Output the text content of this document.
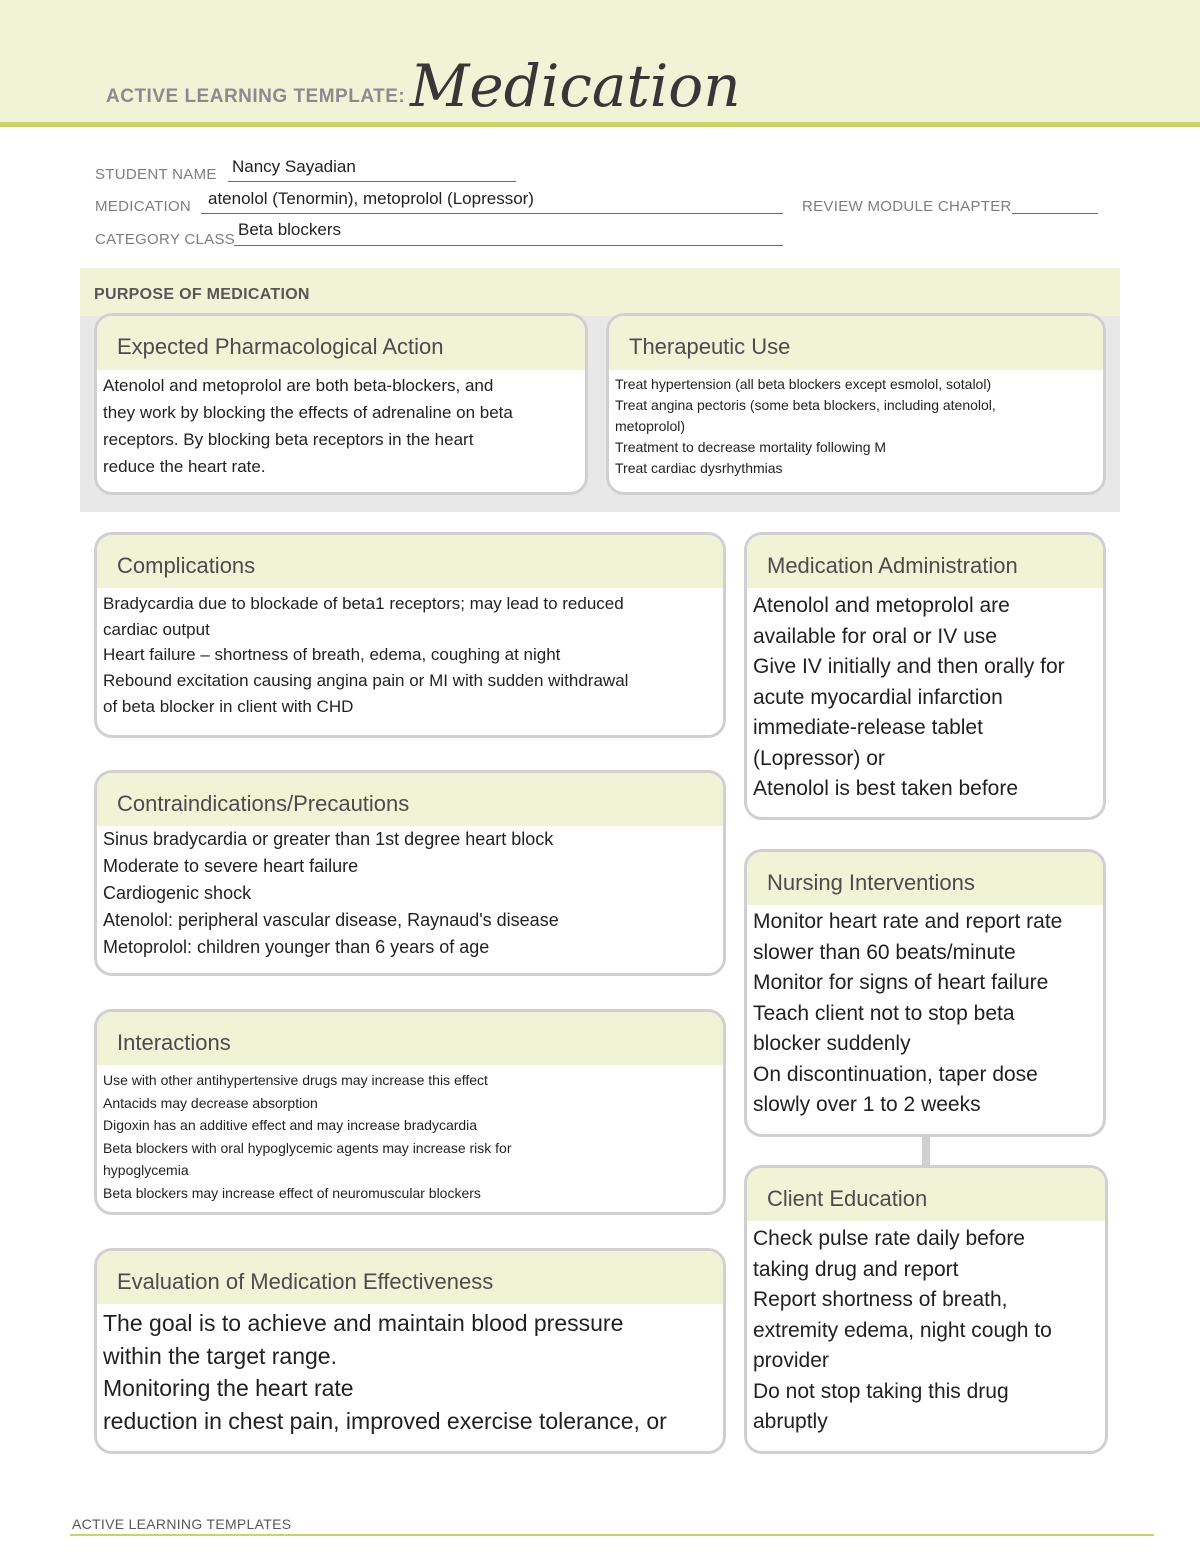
ACTIVE LEARNING TEMPLATE: Medication
STUDENT NAME Nancy Sayadian
MEDICATION atenolol (Tenormin), metoprolol (Lopressor)	REVIEW MODULE CHAPTER
CATEGORY CLASS
Beta blockers
PURPOSE OF MEDICATION
Expected Pharmacological Action
Atenolol and metoprolol are both beta-blockers, and
they work by blocking the effects of adrenaline on beta
receptors. By blocking beta receptors in the heart
reduce the heart rate.
Therapeutic Use
Treat hypertension (all beta blockers except esmolol, sotalol)
Treat angina pectoris (some beta blockers, including atenolol,
metoprolol)
Treatment to decrease mortality following M
Treat cardiac dysrhythmias
Complications
Bradycardia due to blockade of beta1 receptors; may lead to reduced
cardiac output
Heart failure – shortness of breath, edema, coughing at night
Rebound excitation causing angina pain or MI with sudden withdrawal
of beta blocker in client with CHD
Contraindications/Precautions
Sinus bradycardia or greater than 1st degree heart block
Moderate to severe heart failure
Cardiogenic shock
Atenolol: peripheral vascular disease, Raynaud's disease
Metoprolol: children younger than 6 years of age
Interactions
Use with other antihypertensive drugs may increase this effect
Antacids may decrease absorption
Digoxin has an additive effect and may increase bradycardia
Beta blockers with oral hypoglycemic agents may increase risk for
hypoglycemia
Beta blockers may increase effect of neuromuscular blockers
Evaluation of Medication Effectiveness
The goal is to achieve and maintain blood pressure
within the target range.
Monitoring the heart rate
reduction in chest pain, improved exercise tolerance, or
Medication Administration
Atenolol and metoprolol are
available for oral or IV use
Give IV initially and then orally for
acute myocardial infarction
immediate-release tablet
(Lopressor) or
Atenolol is best taken before
Nursing Interventions
Monitor heart rate and report rate
slower than 60 beats/minute
Monitor for signs of heart failure
Teach client not to stop beta
blocker suddenly
On discontinuation, taper dose
slowly over 1 to 2 weeks
Client Education
Check pulse rate daily before
taking drug and report
Report shortness of breath,
extremity edema, night cough to
provider
Do not stop taking this drug
abruptly
ACTIVE LEARNING TEMPLATES
